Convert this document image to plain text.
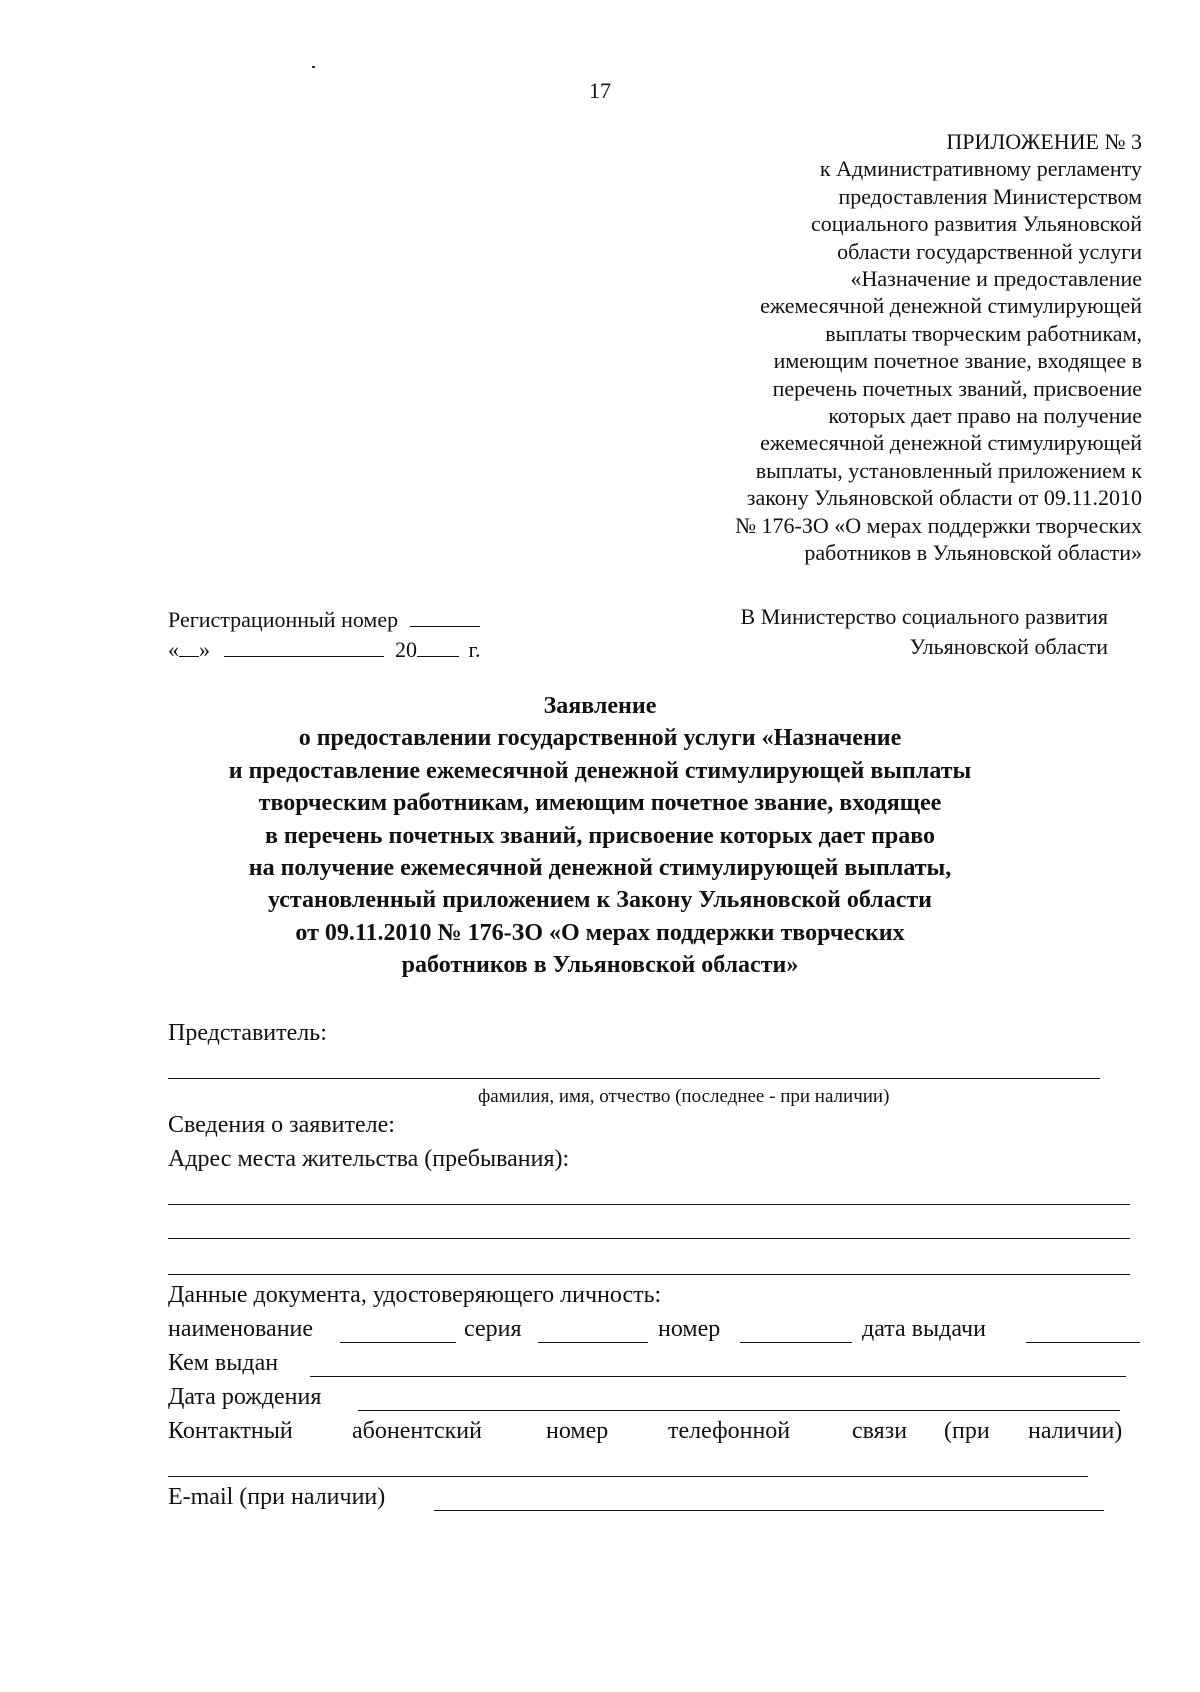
17
ПРИЛОЖЕНИЕ № 3
к Административному регламенту
предоставления Министерством
социального развития Ульяновской
области государственной услуги
«Назначение и предоставление
ежемесячной денежной стимулирующей
выплаты творческим работникам,
имеющим почетное звание, входящее в
перечень почетных званий, присвоение
которых дает право на получение
ежемесячной денежной стимулирующей
выплаты, установленный приложением к
закону Ульяновской области от 09.11.2010
№ 176-ЗО «О мерах поддержки творческих
работников в Ульяновской области»
Регистрационный номер
« »	20 г.
В Министерство социального развития
Ульяновской области
Заявление
о предоставлении государственной услуги «Назначение
и предоставление ежемесячной денежной стимулирующей выплаты
творческим работникам, имеющим почетное звание, входящее
в перечень почетных званий, присвоение которых дает право
на получение ежемесячной денежной стимулирующей выплаты,
установленный приложением к Закону Ульяновской области
от 09.11.2010 № 176-ЗО «О мерах поддержки творческих
работников в Ульяновской области»
Представитель:
фамилия, имя, отчество (последнее - при наличии)
Сведения о заявителе:
Адрес места жительства (пребывания):
Данные документа, удостоверяющего личность:
наименование	серия	номер	дата выдачи
Кем выдан
Дата рождения
Контактный абонентский	номер телефонной	связи (при наличии)
E-mail (при наличии)
